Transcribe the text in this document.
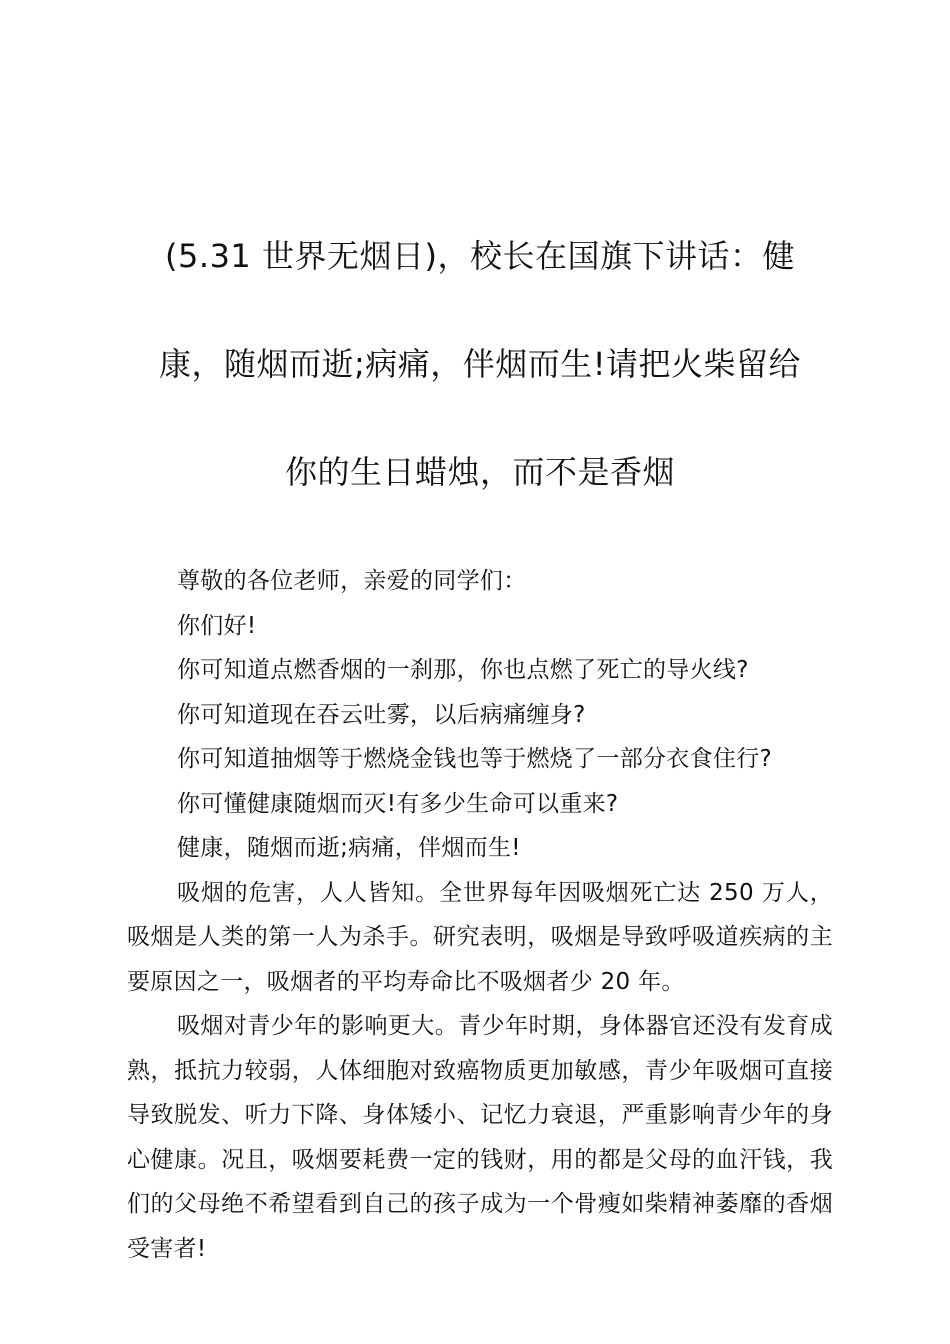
(5.31 世界无烟日)，校长在国旗下讲话：健

康，随烟而逝;病痛，伴烟而生!请把火柴留给

你的生日蜡烛，而不是香烟

尊敬的各位老师，亲爱的同学们：

你们好!

你可知道点燃香烟的一刹那，你也点燃了死亡的导火线?

你可知道现在吞云吐雾，以后病痛缠身?

你可知道抽烟等于燃烧金钱也等于燃烧了一部分衣食住行?

你可懂健康随烟而灭!有多少生命可以重来?

健康，随烟而逝;病痛，伴烟而生!

吸烟的危害，人人皆知。全世界每年因吸烟死亡达 250 万人，吸烟是人类的第一人为杀手。研究表明，吸烟是导致呼吸道疾病的主要原因之一，吸烟者的平均寿命比不吸烟者少 20 年。

吸烟对青少年的影响更大。青少年时期，身体器官还没有发育成熟，抵抗力较弱，人体细胞对致癌物质更加敏感，青少年吸烟可直接导致脱发、听力下降、身体矮小、记忆力衰退，严重影响青少年的身心健康。况且，吸烟要耗费一定的钱财，用的都是父母的血汗钱，我们的父母绝不希望看到自己的孩子成为一个骨瘦如柴精神萎靡的香烟受害者!
